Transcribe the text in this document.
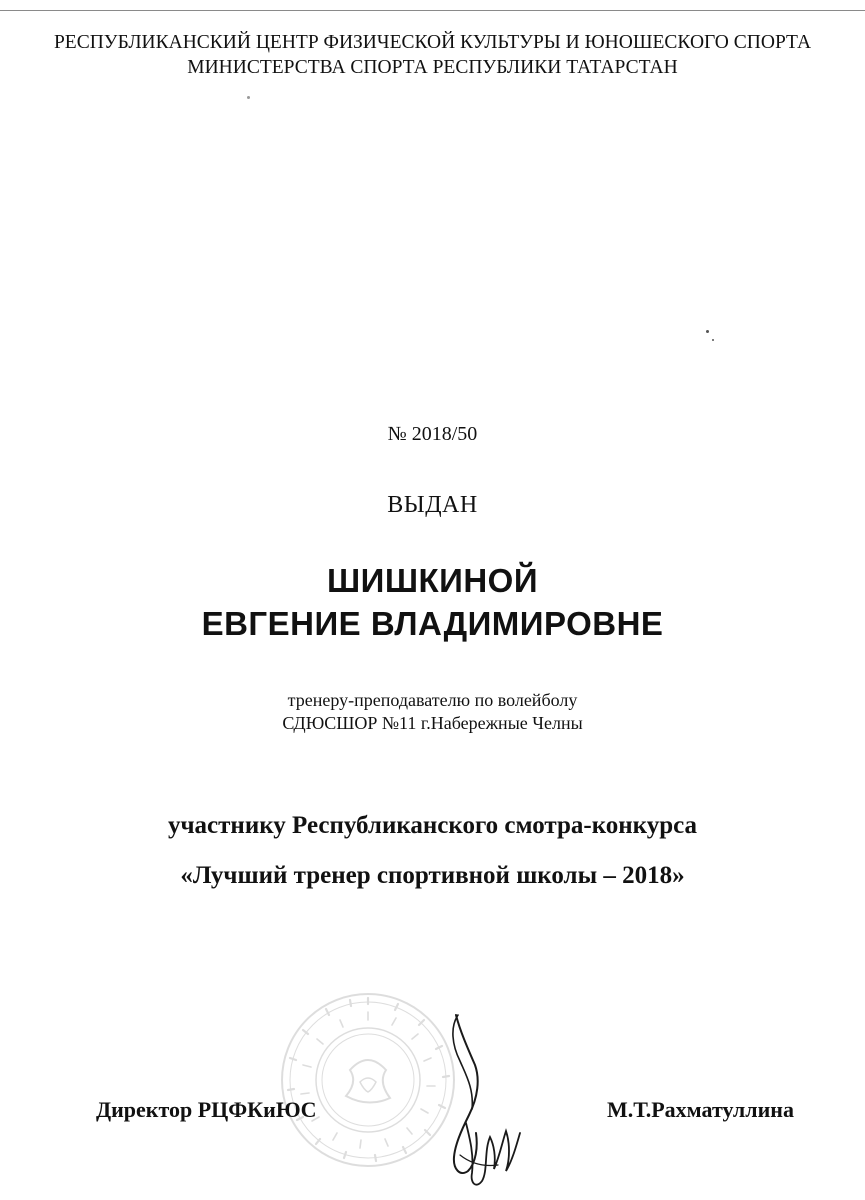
РЕСПУБЛИКАНСКИЙ ЦЕНТР ФИЗИЧЕСКОЙ КУЛЬТУРЫ И ЮНОШЕСКОГО СПОРТА
МИНИСТЕРСТВА СПОРТА РЕСПУБЛИКИ ТАТАРСТАН
№ 2018/50
ВЫДАН
ШИШКИНОЙ
ЕВГЕНИЕ ВЛАДИМИРОВНЕ
тренеру-преподавателю по волейболу
СДЮСШОР №11 г.Набережные Челны
участнику Республиканского смотра-конкурса
«Лучший тренер спортивной школы – 2018»
Директор РЦФКиЮС	М.Т.Рахматуллина
